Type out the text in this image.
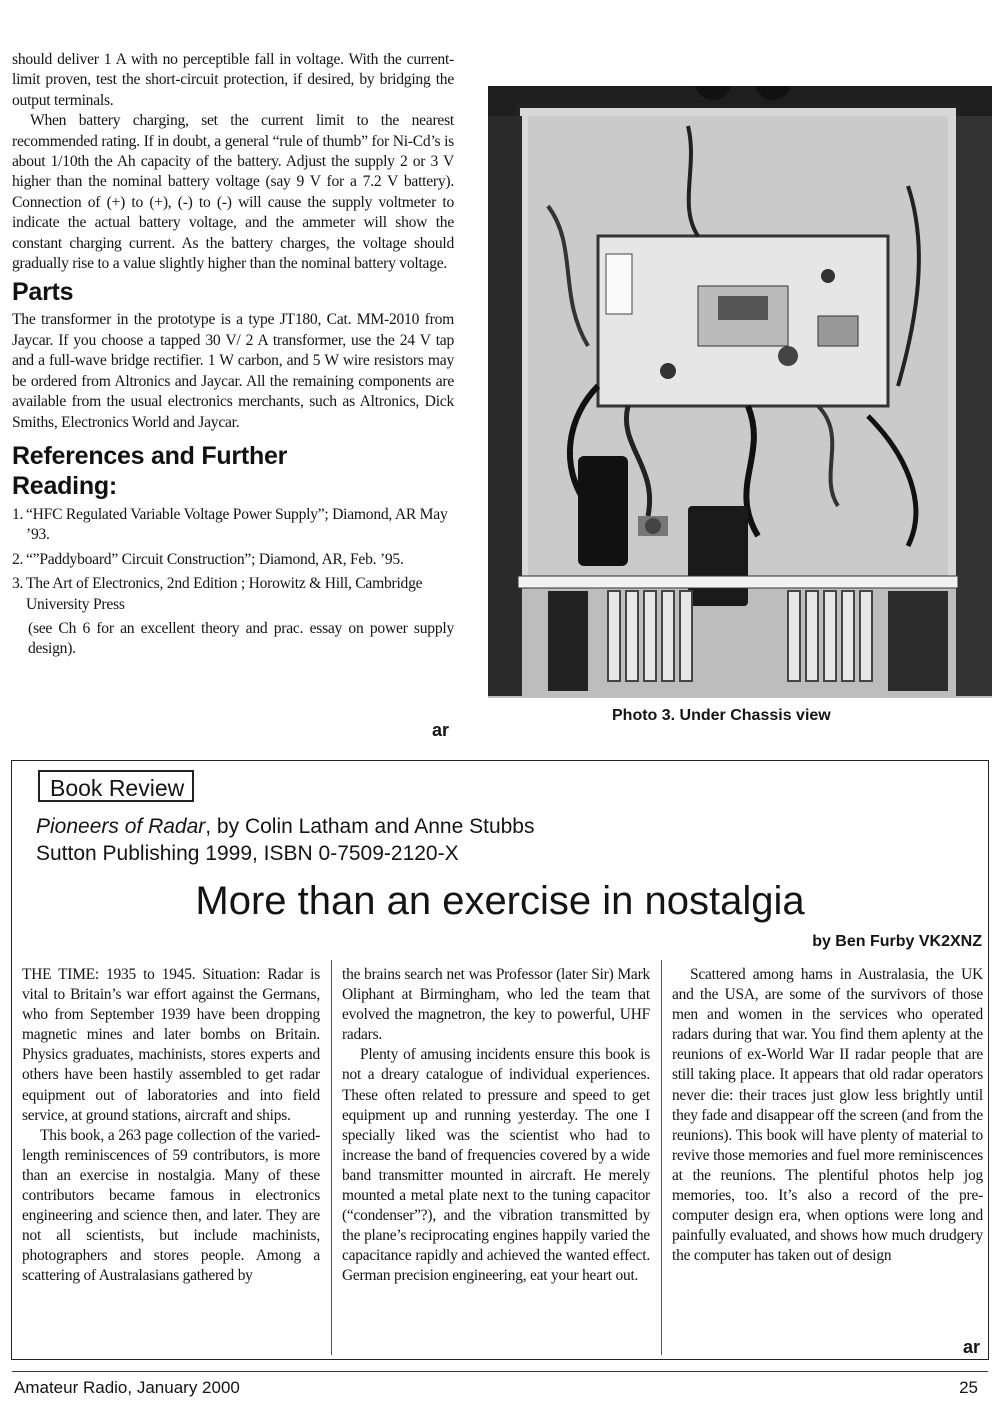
should deliver 1 A with no perceptible fall in voltage. With the current-limit proven, test the short-circuit protection, if desired, by bridging the output terminals.

When battery charging, set the current limit to the nearest recommended rating. If in doubt, a general “rule of thumb” for Ni-Cd’s is about 1/10th the Ah capacity of the battery. Adjust the supply 2 or 3 V higher than the nominal battery voltage (say 9 V for a 7.2 V battery). Connection of (+) to (+), (-) to (-) will cause the supply voltmeter to indicate the actual battery voltage, and the ammeter will show the constant charging current. As the battery charges, the voltage should gradually rise to a value slightly higher than the nominal battery voltage.

Parts

The transformer in the prototype is a type JT180, Cat. MM-2010 from Jaycar. If you choose a tapped 30 V/ 2 A transformer, use the 24 V tap and a full-wave bridge rectifier. 1 W carbon, and 5 W wire resistors may be ordered from Altronics and Jaycar. All the remaining components are available from the usual electronics merchants, such as Altronics, Dick Smiths, Electronics World and Jaycar.

References and Further
Reading:
1. “HFC Regulated Variable Voltage Power Supply”; Diamond, AR May ’93.
2. “”Paddyboard” Circuit Construction”; Diamond, AR, Feb. ’95.
3. The Art of Electronics, 2nd Edition ; Horowitz & Hill, Cambridge University Press

(see Ch 6 for an excellent theory and prac. essay on power supply design).

ar
Photo 3. Under Chassis view
Book Review
Pioneers of Radar, by Colin Latham and Anne Stubbs
Sutton Publishing 1999, ISBN 0-7509-2120-X
More than an exercise in nostalgia
by Ben Furby VK2XNZ

THE TIME: 1935 to 1945. Situation: Radar is vital to Britain’s war effort against the Germans, who from September 1939 have been dropping magnetic mines and later bombs on Britain. Physics graduates, machinists, stores experts and others have been hastily assembled to get radar equipment out of laboratories and into field service, at ground stations, aircraft and ships.

This book, a 263 page collection of the varied-length reminiscences of 59 contributors, is more than an exercise in nostalgia. Many of these contributors became famous in electronics engineering and science then, and later. They are not all scientists, but include machinists, photographers and stores people. Among a scattering of Australasians gathered by

the brains search net was Professor (later Sir) Mark Oliphant at Birmingham, who led the team that evolved the magnetron, the key to powerful, UHF radars.

Plenty of amusing incidents ensure this book is not a dreary catalogue of individual experiences. These often related to pressure and speed to get equipment up and running yesterday. The one I specially liked was the scientist who had to increase the band of frequencies covered by a wide band transmitter mounted in aircraft. He merely mounted a metal plate next to the tuning capacitor (“condenser”?), and the vibration transmitted by the plane’s reciprocating engines happily varied the capacitance rapidly and achieved the wanted effect. German precision engineering, eat your heart out.

Scattered among hams in Australasia, the UK and the USA, are some of the survivors of those men and women in the services who operated radars during that war. You find them aplenty at the reunions of ex-World War II radar people that are still taking place. It appears that old radar operators never die: their traces just glow less brightly until they fade and disappear off the screen (and from the reunions). This book will have plenty of material to revive those memories and fuel more reminiscences at the reunions. The plentiful photos help jog memories, too. It’s also a record of the pre-computer design era, when options were long and painfully evaluated, and shows how much drudgery the computer has taken out of design

ar
Amateur Radio, January 2000	25
